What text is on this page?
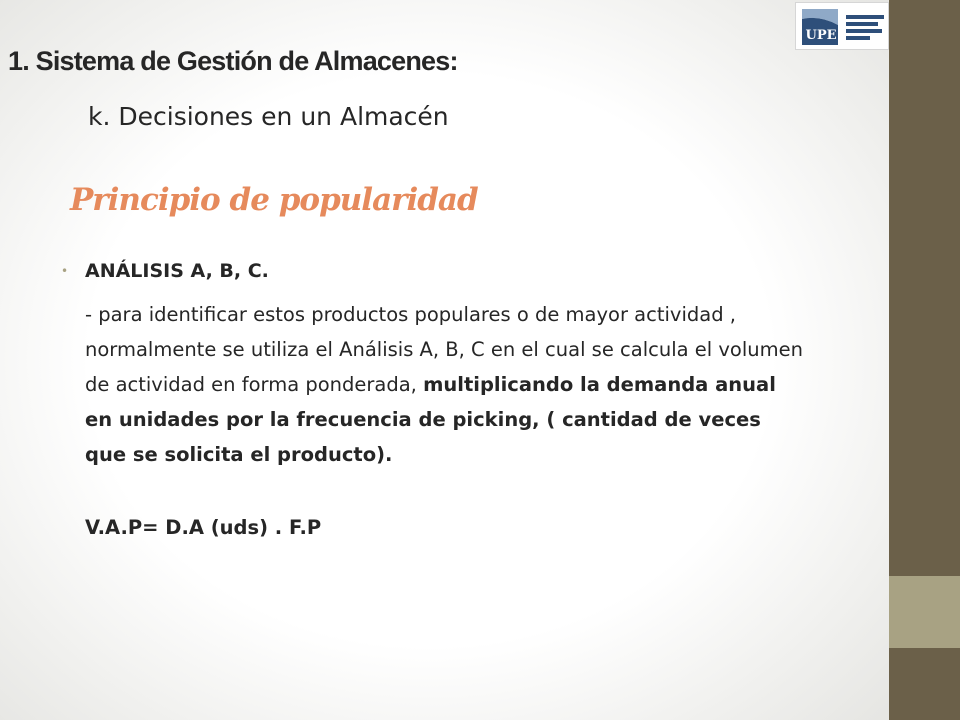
UPE
1. Sistema de Gestión de Almacenes:
k. Decisiones en un Almacén
Principio de popularidad
• ANÁLISIS A, B, C.

- para identificar estos productos populares o de mayor actividad , normalmente se utiliza el Análisis A, B, C en el cual se calcula el volumen de actividad en forma ponderada, multiplicando la demanda anual en unidades por la frecuencia de picking, ( cantidad de veces que se solicita el producto).

V.A.P= D.A (uds) . F.P
